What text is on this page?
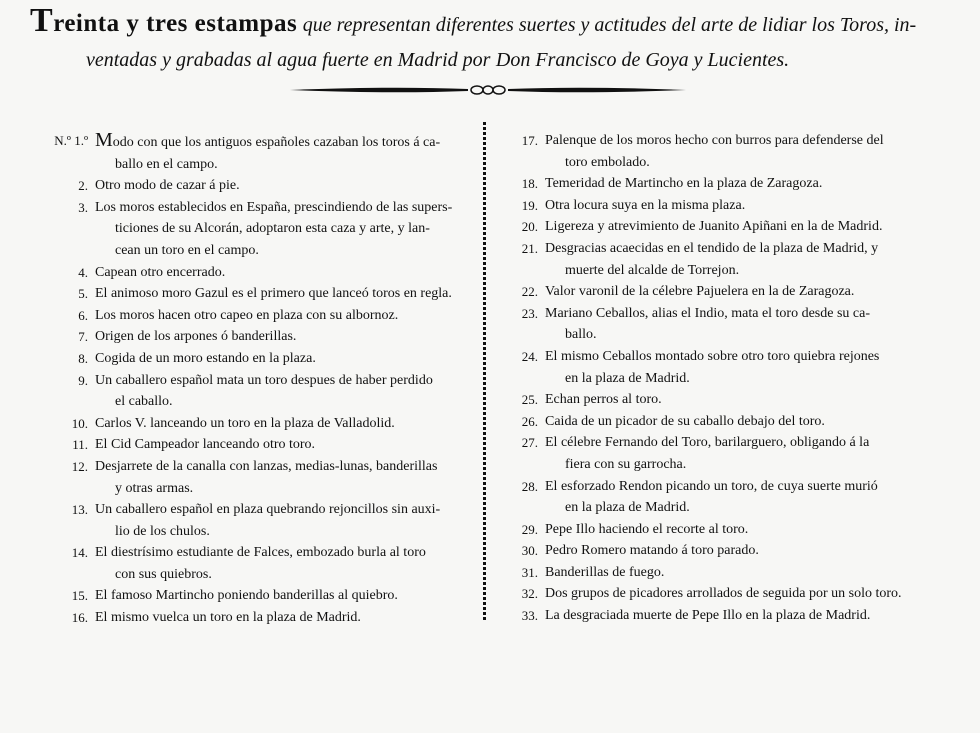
Treinta y tres estampas que representan diferentes suertes y actitudes del arte de lidiar los Toros, in-
ventadas y grabadas al agua fuerte en Madrid por Don Francisco de Goya y Lucientes.
N.º 1.º Modo con que los antiguos españoles cazaban los toros á ca-
ballo en el campo.
2. Otro modo de cazar á pie.
3. Los moros establecidos en España, prescindiendo de las supers-
ticiones de su Alcorán, adoptaron esta caza y arte, y lan-
cean un toro en el campo.
4. Capean otro encerrado.
5. El animoso moro Gazul es el primero que lanceó toros en regla.
6. Los moros hacen otro capeo en plaza con su albornoz.
7. Origen de los arpones ó banderillas.
8. Cogida de un moro estando en la plaza.
9. Un caballero español mata un toro despues de haber perdido
el caballo.
10. Carlos V. lanceando un toro en la plaza de Valladolid.
11. El Cid Campeador lanceando otro toro.
12. Desjarrete de la canalla con lanzas, medias-lunas, banderillas
y otras armas.
13. Un caballero español en plaza quebrando rejoncillos sin auxi-
lio de los chulos.
14. El diestrísimo estudiante de Falces, embozado burla al toro
con sus quiebros.
15. El famoso Martincho poniendo banderillas al quiebro.
16. El mismo vuelca un toro en la plaza de Madrid.
17. Palenque de los moros hecho con burros para defenderse del
toro embolado.
18. Temeridad de Martincho en la plaza de Zaragoza.
19. Otra locura suya en la misma plaza.
20. Ligereza y atrevimiento de Juanito Apiñani en la de Madrid.
21. Desgracias acaecidas en el tendido de la plaza de Madrid, y
muerte del alcalde de Torrejon.
22. Valor varonil de la célebre Pajuelera en la de Zaragoza.
23. Mariano Ceballos, alias el Indio, mata el toro desde su ca-
ballo.
24. El mismo Ceballos montado sobre otro toro quiebra rejones
en la plaza de Madrid.
25. Echan perros al toro.
26. Caida de un picador de su caballo debajo del toro.
27. El célebre Fernando del Toro, barilarguero, obligando á la
fiera con su garrocha.
28. El esforzado Rendon picando un toro, de cuya suerte murió
en la plaza de Madrid.
29. Pepe Illo haciendo el recorte al toro.
30. Pedro Romero matando á toro parado.
31. Banderillas de fuego.
32. Dos grupos de picadores arrollados de seguida por un solo toro.
33. La desgraciada muerte de Pepe Illo en la plaza de Madrid.
